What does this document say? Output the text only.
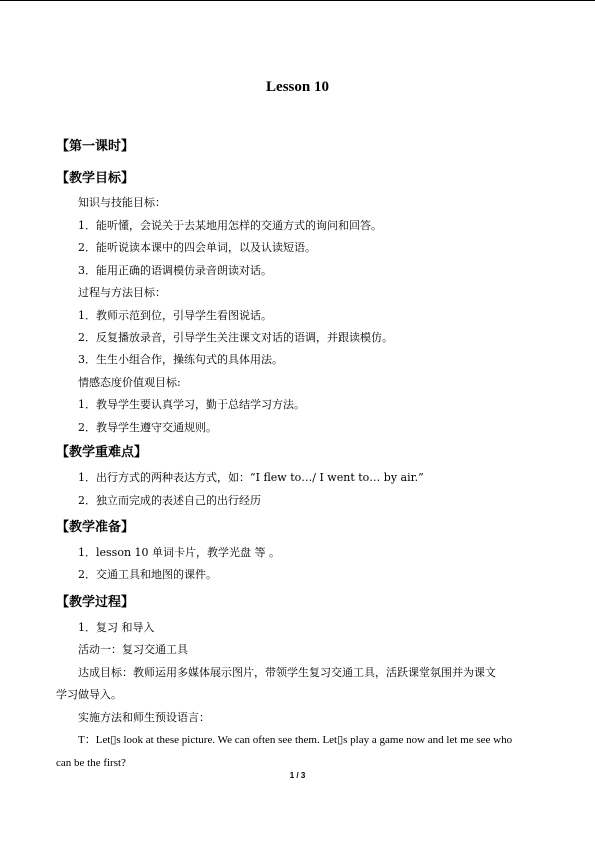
Lesson 10
【第一课时】
【教学目标】
知识与技能目标：
1．能听懂，会说关于去某地用怎样的交通方式的询问和回答。
2．能听说读本课中的四会单词，以及认读短语。
3．能用正确的语调模仿录音朗读对话。
过程与方法目标：
1．教师示范到位，引导学生看图说话。
2．反复播放录音，引导学生关注课文对话的语调，并跟读模仿。
3．生生小组合作，操练句式的具体用法。
情感态度价值观目标:
1．教导学生要认真学习，勤于总结学习方法。
2．教导学生遵守交通规则。
【教学重难点】
1．出行方式的两种表达方式，如：“I flew to…/ I went to… by air.”
2．独立而完成的表述自己的出行经历
【教学准备】
1．lesson 10 单词卡片，教学光盘 等 。
2．交通工具和地图的课件。
【教学过程】
1．复习 和导入
活动一：复习交通工具
达成目标：教师运用多媒体展示图片，带领学生复习交通工具，活跃课堂氛围并为课文
学习做导入。
实施方法和师生预设语言：
T：Let▯s look at these picture. We can often see them. Let▯s play a game now and let me see who
can be the first?
1 / 3
